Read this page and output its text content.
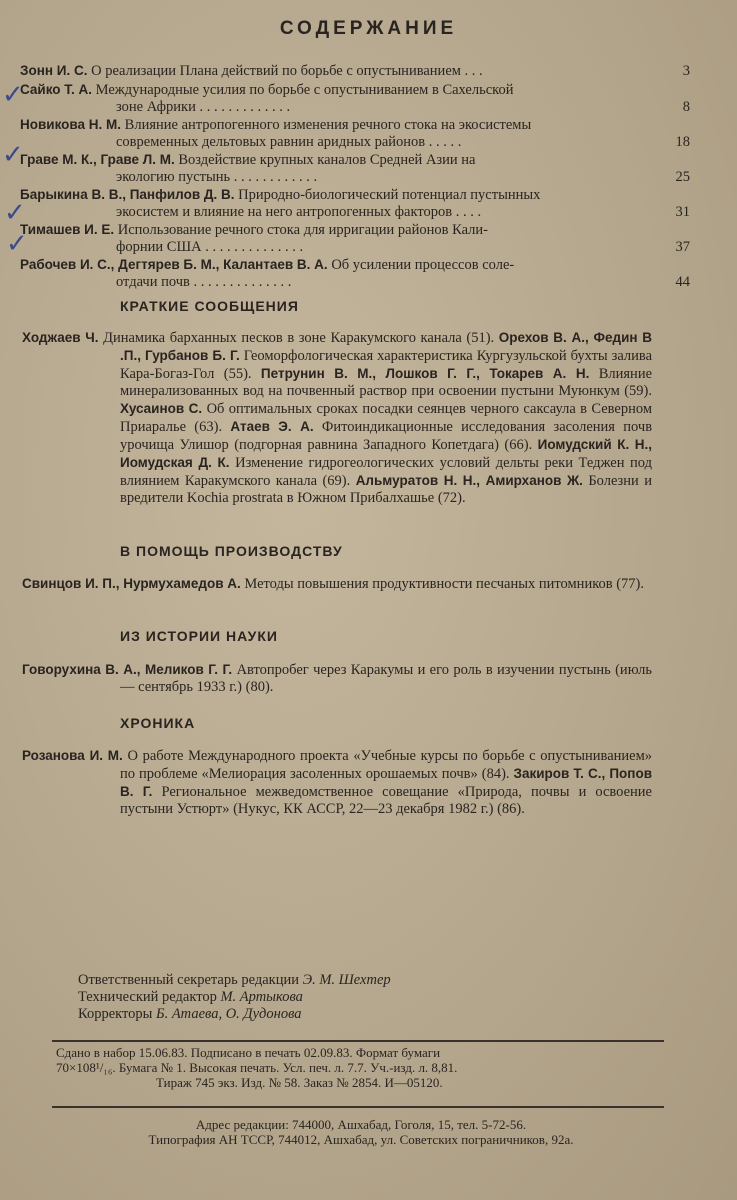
СОДЕРЖАНИЕ
Зонн И. С. О реализации Плана действий по борьбе с опустыниванием . . .	3
Сайко Т. А. Международные усилия по борьбе с опустыниванием в Сахельской
зоне Африки . . . . . . . . . . . . .	8
Новикова Н. М. Влияние антропогенного изменения речного стока на экосистемы
современных дельтовых равнин аридных районов . . . . .	18
Граве М. К., Граве Л. М. Воздействие крупных каналов Средней Азии на
экологию пустынь . . . . . . . . . . . .	25
Барыкина В. В., Панфилов Д. В. Природно-биологический потенциал пустынных
экосистем и влияние на него антропогенных факторов . . . .	31
Тимашев И. Е. Использование речного стока для ирригации районов Кали-
форнии США . . . . . . . . . . . . . .	37
Рабочев И. С., Дегтярев Б. М., Калантаев В. А. Об усилении процессов соле-
отдачи почв . . . . . . . . . . . . . .	44
✓
✓
✓
✓
КРАТКИЕ СООБЩЕНИЯ
Ходжаев Ч. Динамика барханных песков в зоне Каракумского канала (51). Орехов В. А., Федин В .П., Гурбанов Б. Г. Геоморфологическая характеристика Кургузульской бухты залива Кара-Богаз-Гол (55). Петрунин В. М., Лошков Г. Г., Токарев А. Н. Влияние минерализованных вод на почвенный раствор при освоении пустыни Муюнкум (59). Хусаинов С. Об оптимальных сроках посадки сеянцев черного саксаула в Северном Приаралье (63). Атаев Э. А. Фитоиндикационные исследования засоления почв урочища Улишор (подгорная равнина Западного Копетдага) (66). Иомудский К. Н., Иомудская Д. К. Изменение гидрогеологических условий дельты реки Теджен под влиянием Каракумского канала (69). Альмуратов Н. Н., Амирханов Ж. Болезни и вредители Kochia prostrata в Южном Прибалхашье (72).
В ПОМОЩЬ ПРОИЗВОДСТВУ
Свинцов И. П., Нурмухамедов А. Методы повышения продуктивности песчаных питомников (77).
ИЗ ИСТОРИИ НАУКИ
Говорухина В. А., Меликов Г. Г. Автопробег через Каракумы и его роль в изучении пустынь (июль — сентябрь 1933 г.) (80).
ХРОНИКА
Розанова И. М. О работе Международного проекта «Учебные курсы по борьбе с опустыниванием» по проблеме «Мелиорация засоленных орошаемых почв» (84). Закиров Т. С., Попов В. Г. Региональное межведомственное совещание «Природа, почвы и освоение пустыни Устюрт» (Нукус, КК АССР, 22—23 декабря 1982 г.) (86).
Ответственный секретарь редакции Э. М. Шехтер
Технический редактор М. Артыкова
Корректоры Б. Атаева, О. Дудонова
Сдано в набор 15.06.83. Подписано в печать 02.09.83. Формат бумаги
70×108¹/₁₆. Бумага № 1. Высокая печать. Усл. печ. л. 7.7. Уч.-изд. л. 8,81.
Тираж 745 экз. Изд. № 58. Заказ № 2854. И—05120.
Адрес редакции: 744000, Ашхабад, Гоголя, 15, тел. 5-72-56.
Типография АН ТССР, 744012, Ашхабад, ул. Советских пограничников, 92а.
